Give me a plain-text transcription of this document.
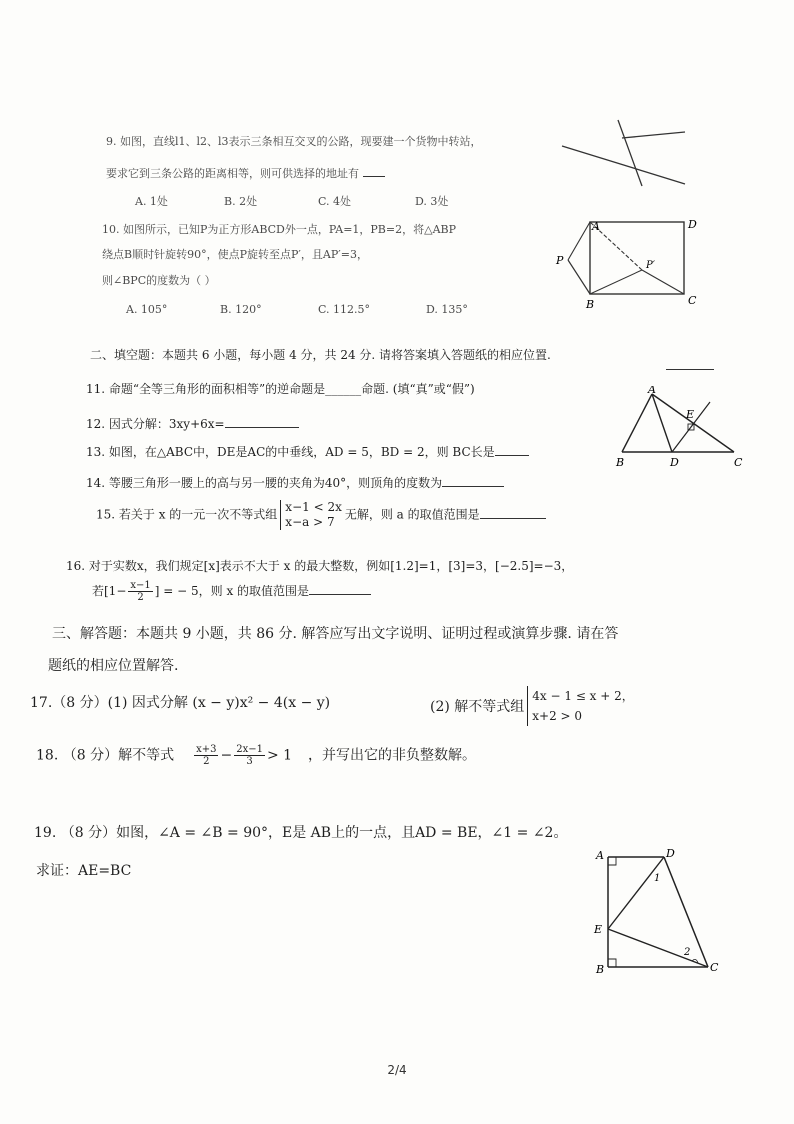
9. 如图，直线l1、l2、l3表示三条相互交叉的公路，现要建一个货物中转站，
要求它到三条公路的距离相等，则可供选择的地址有
A. 1处	B. 2处	C. 4处	D. 3处
10. 如图所示，已知P为正方形ABCD外一点，PA=1，PB=2，将△ABP
绕点B顺时针旋转90°，使点P旋转至点P′，且AP′=3，
则∠BPC的度数为（ ）
A. 105°	B. 120°	C. 112.5°	D. 135°	B	C
D
A
P	P′
二、填空题：本题共 6 小题，每小题 4 分，共 24 分. 请将答案填入答题纸的相应位置.
11. 命题“全等三角形的面积相等”的逆命题是______命题. (填“真”或“假”)
12. 因式分解：3xy+6x=
13. 如图，在△ABC中，DE是AC的中垂线，AD = 5，BD = 2，则 BC长是
14. 等腰三角形一腰上的高与另一腰的夹角为40°，则顶角的度数为
A
B	C
D
E
15. 若关于 x 的一元一次不等式组
x−1 < 2x
x−a > 7
无解，则 a 的取值范围是
16. 对于实数x，我们规定[x]表示不大于 x 的最大整数，例如[1.2]=1，[3]=3，[−2.5]=−3，
若[$1- \frac{x-1}{2}$ ] = − 5，则 x 的取值范围是
三、解答题：本题共 9 小题，共 86 分. 解答应写出文字说明、证明过程或演算步骤. 请在答
题纸的相应位置解答.
17.（8 分）(1) 因式分解 (x − y)x² − 4(x − y)	(2) 解不等式组
4x − 1 ≤ x + 2，
x+2 > 0
18. （8 分）解不等式 $\frac{x+3}{2} - \frac{2x-1}{3} > 1$ ，并写出它的非负整数解。
19. （8 分）如图，∠A = ∠B = 90°，E是 AB上的一点，且AD = BE，∠1 = ∠2。
求证：AE=BC
A	D
E
B	C
1
2
2/4
